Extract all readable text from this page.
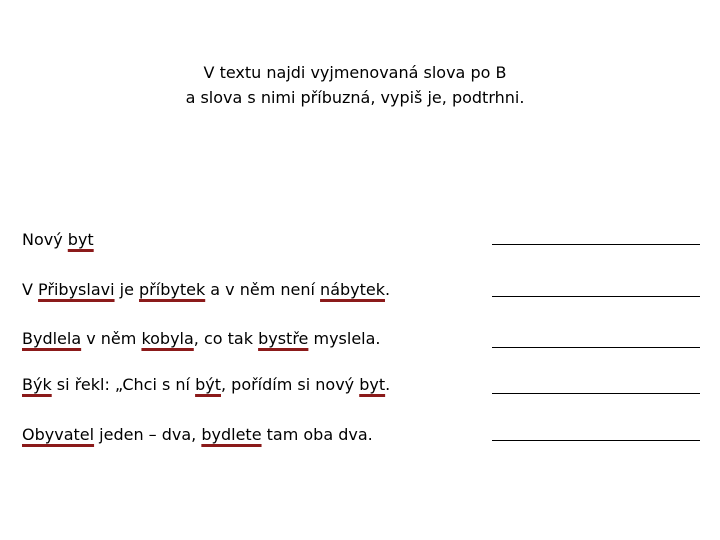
V textu najdi vyjmenovaná slova po B
a slova s nimi příbuzná, vypiš je, podtrhni.
Nový byt
V Přibyslavi je příbytek a v něm není nábytek.
Bydlela v něm kobyla, co tak bystře myslela.
Býk si řekl: „Chci s ní být, pořídím si nový byt.
Obyvatel jeden – dva, bydlete tam oba dva.
